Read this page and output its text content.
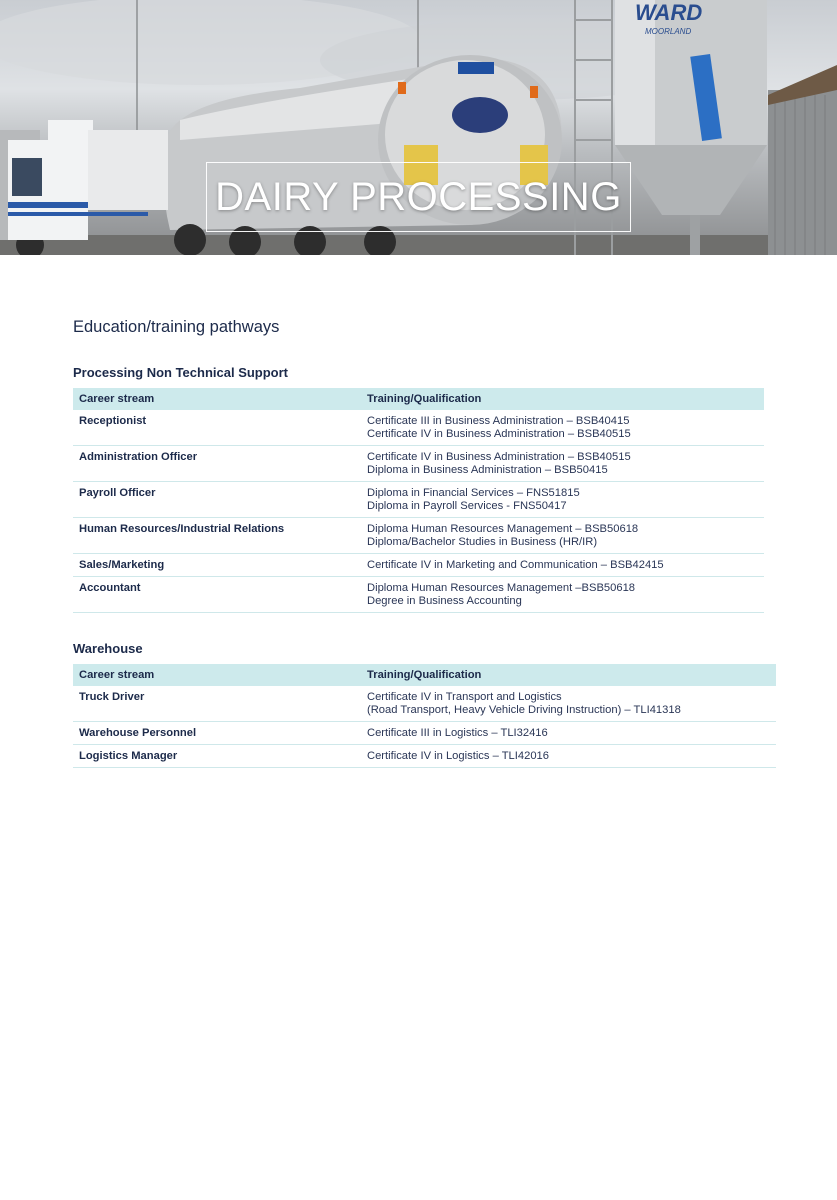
WARD
MOORLAND
DAIRY PROCESSING
Education/training pathways
Processing Non Technical Support
Career stream	Training/Qualification
Receptionist	Certificate III in Business Administration – BSB40415
Certificate IV in Business Administration – BSB40515

Administration Officer	Certificate IV in Business Administration – BSB40515
Diploma in Business Administration – BSB50415

Payroll Officer	Diploma in Financial Services – FNS51815
Diploma in Payroll Services - FNS50417

Human Resources/Industrial Relations	Diploma Human Resources Management – BSB50618
Diploma/Bachelor Studies in Business (HR/IR)

Sales/Marketing	Certificate IV in Marketing and Communication – BSB42415

Accountant	Diploma Human Resources Management –BSB50618
Degree in Business Accounting
Warehouse
Career stream	Training/Qualification
Truck Driver	Certificate IV in Transport and Logistics
(Road Transport, Heavy Vehicle Driving Instruction) – TLI41318

Warehouse Personnel	Certificate III in Logistics – TLI32416

Logistics Manager	Certificate IV in Logistics – TLI42016
